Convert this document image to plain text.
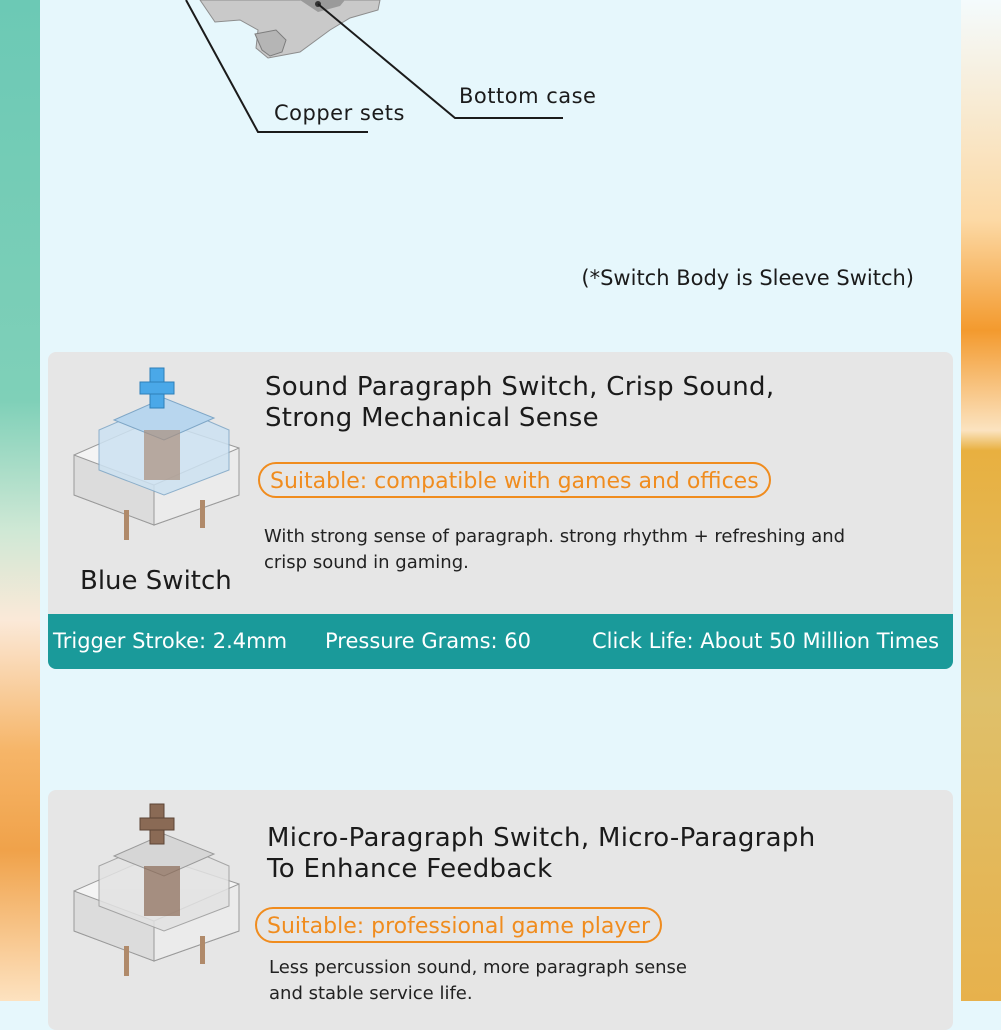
Copper sets
Bottom case
(*Switch Body is Sleeve Switch)
Blue Switch
Sound Paragraph Switch, Crisp Sound,
Strong Mechanical Sense
Suitable: compatible with games and offices
With strong sense of paragraph. strong rhythm + refreshing and
crisp sound in gaming.
Trigger Stroke: 2.4mm Pressure Grams: 60	Click Life: About 50 Million Times
Micro-Paragraph Switch, Micro-Paragraph
To Enhance Feedback
Suitable: professional game player
Less percussion sound, more paragraph sense
and stable service life.
